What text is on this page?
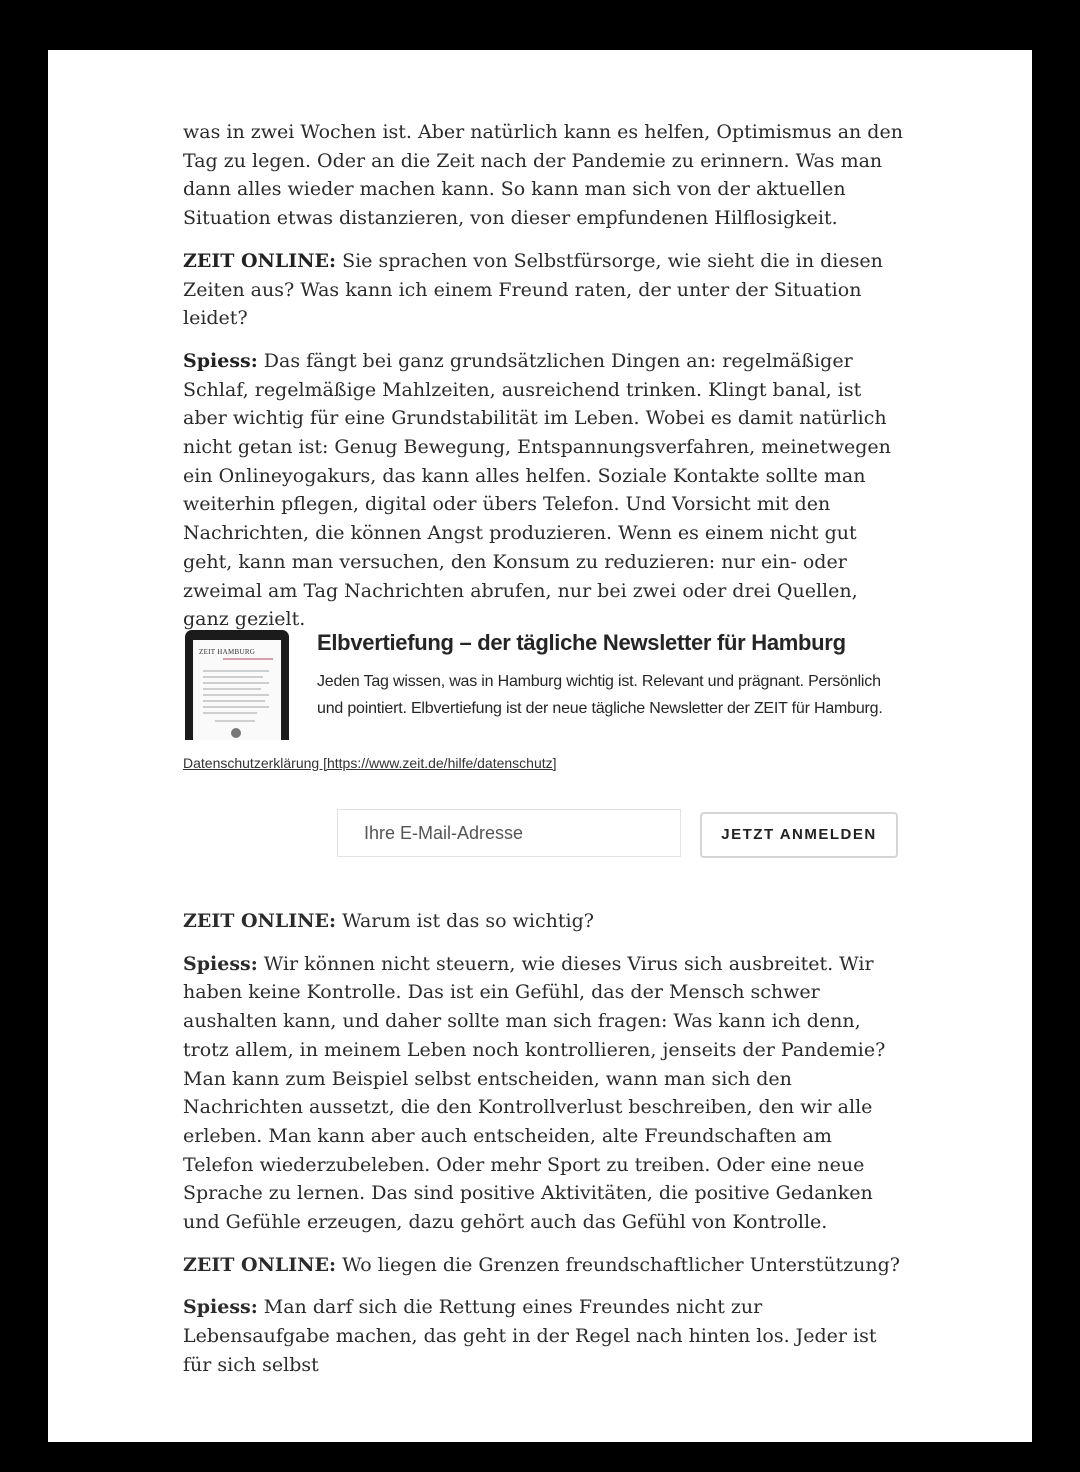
was in zwei Wochen ist. Aber natürlich kann es helfen, Optimismus an den Tag zu legen. Oder an die Zeit nach der Pandemie zu erinnern. Was man dann alles wieder machen kann. So kann man sich von der aktuellen Situation etwas distanzieren, von dieser empfundenen Hilflosigkeit.

ZEIT ONLINE: Sie sprachen von Selbstfürsorge, wie sieht die in diesen Zeiten aus? Was kann ich einem Freund raten, der unter der Situation leidet?

Spiess: Das fängt bei ganz grundsätzlichen Dingen an: regelmäßiger Schlaf, regelmäßige Mahlzeiten, ausreichend trinken. Klingt banal, ist aber wichtig für eine Grundstabilität im Leben. Wobei es damit natürlich nicht getan ist: Genug Bewegung, Entspannungsverfahren, meinetwegen ein Onlineyogakurs, das kann alles helfen. Soziale Kontakte sollte man weiterhin pflegen, digital oder übers Telefon. Und Vorsicht mit den Nachrichten, die können Angst produzieren. Wenn es einem nicht gut geht, kann man versuchen, den Konsum zu reduzieren: nur ein- oder zweimal am Tag Nachrichten abrufen, nur bei zwei oder drei Quellen, ganz gezielt.

ZEIT HAMBURG	Elbvertiefung – der tägliche Newsletter für Hamburg
Jeden Tag wissen, was in Hamburg wichtig ist. Relevant und prägnant. Persönlich und pointiert. Elbvertiefung ist der neue tägliche Newsletter der ZEIT für Hamburg.
Datenschutzerklärung [https://www.zeit.de/hilfe/datenschutz]
Ihre E-Mail-Adresse	JETZT ANMELDEN

ZEIT ONLINE: Warum ist das so wichtig?

Spiess: Wir können nicht steuern, wie dieses Virus sich ausbreitet. Wir haben keine Kontrolle. Das ist ein Gefühl, das der Mensch schwer aushalten kann, und daher sollte man sich fragen: Was kann ich denn, trotz allem, in meinem Leben noch kontrollieren, jenseits der Pandemie? Man kann zum Beispiel selbst entscheiden, wann man sich den Nachrichten aussetzt, die den Kontrollverlust beschreiben, den wir alle erleben. Man kann aber auch entscheiden, alte Freundschaften am Telefon wiederzubeleben. Oder mehr Sport zu treiben. Oder eine neue Sprache zu lernen. Das sind positive Aktivitäten, die positive Gedanken und Gefühle erzeugen, dazu gehört auch das Gefühl von Kontrolle.

ZEIT ONLINE: Wo liegen die Grenzen freundschaftlicher Unterstützung?

Spiess: Man darf sich die Rettung eines Freundes nicht zur Lebensaufgabe machen, das geht in der Regel nach hinten los. Jeder ist für sich selbst
